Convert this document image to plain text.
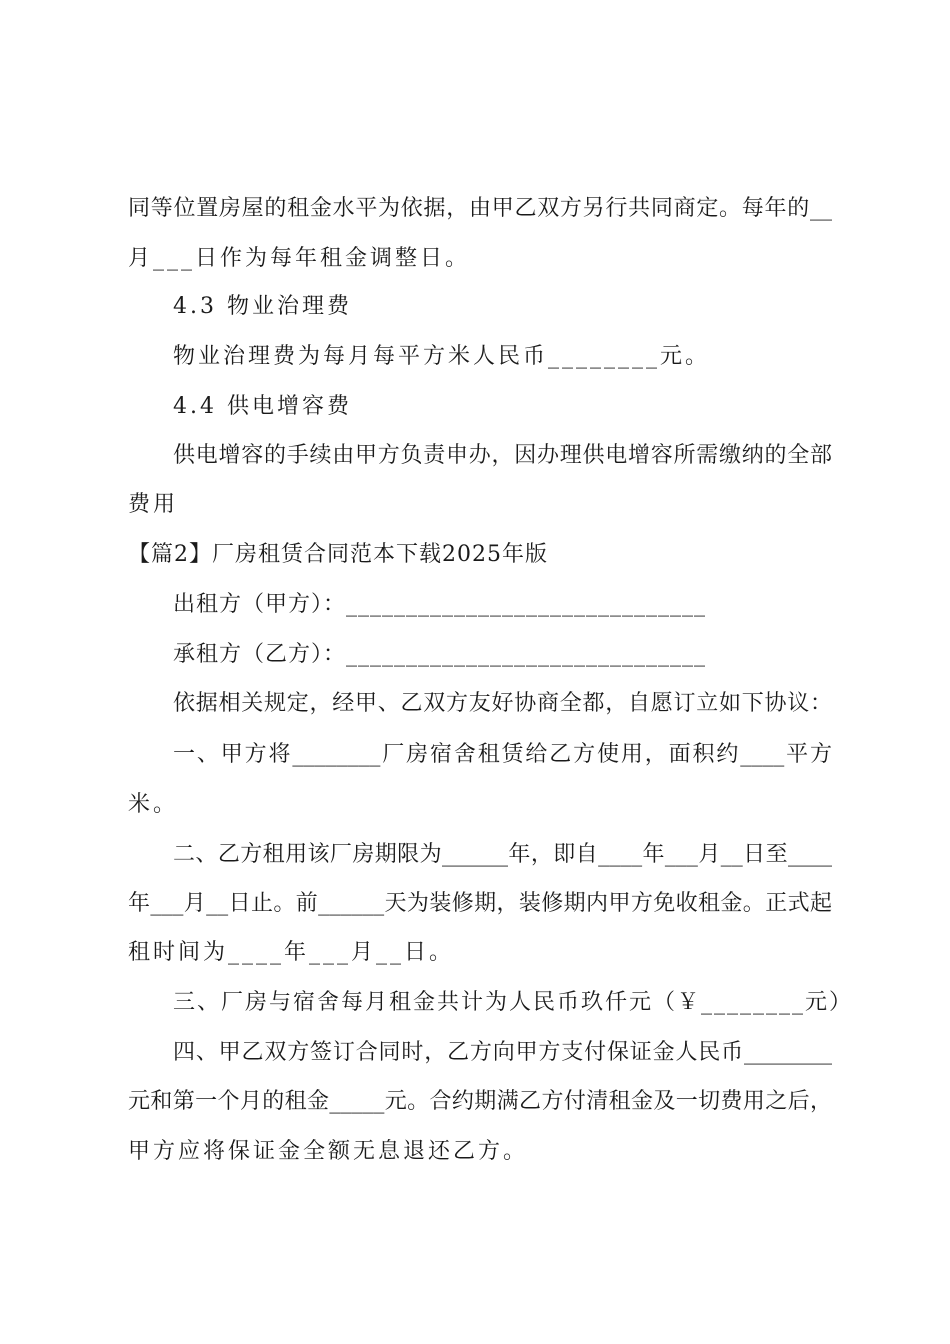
同等位置房屋的租金水平为依据，由甲乙双方另行共同商定。每年的__
月___日作为每年租金调整日。
4.3 物业治理费
物业治理费为每月每平方米人民币________元。
4.4 供电增容费
供电增容的手续由甲方负责申办，因办理供电增容所需缴纳的全部
费用
【篇2】厂房租赁合同范本下载2025年版
出租方（甲方）：______________________________
承租方（乙方）：______________________________
依据相关规定，经甲、乙双方友好协商全都，自愿订立如下协议：
一、甲方将________厂房宿舍租赁给乙方使用，面积约____平方
米。
二、乙方租用该厂房期限为______年，即自____年___月__日至____
年___月__日止。前______天为装修期，装修期内甲方免收租金。正式起
租时间为____年___月__日。
三、厂房与宿舍每月租金共计为人民币玖仟元（￥________元）
四、甲乙双方签订合同时，乙方向甲方支付保证金人民币________
元和第一个月的租金_____元。合约期满乙方付清租金及一切费用之后，
甲方应将保证金全额无息退还乙方。
